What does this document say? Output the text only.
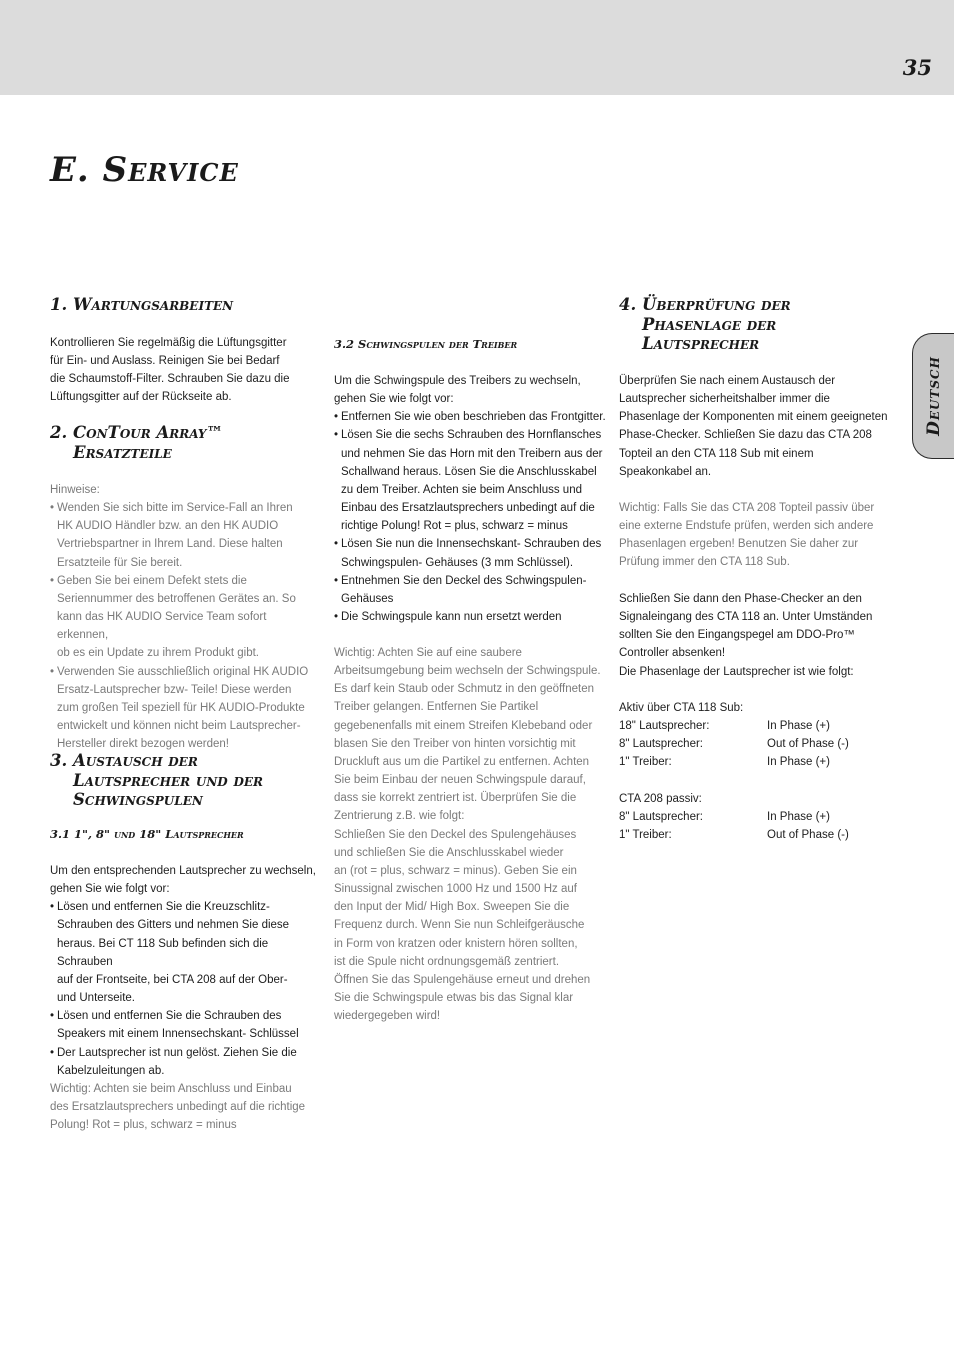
35
E. Service
Deutsch
1. Wartungsarbeiten

Kontrollieren Sie regelmäßig die Lüftungsgitter

für Ein- und Auslass. Reinigen Sie bei Bedarf

die Schaumstoff-Filter. Schrauben Sie dazu die

Lüftungsgitter auf der Rückseite ab.

2. ConTour Array™
Ersatzteile

Hinweise:

• Wenden Sie sich bitte im Service-Fall an Ihren
HK AUDIO Händler bzw. an den HK AUDIO
Vertriebspartner in Ihrem Land. Diese halten
Ersatzteile für Sie bereit.
• Geben Sie bei einem Defekt stets die
Seriennummer des betroffenen Gerätes an. So
kann das HK AUDIO Service Team sofort erkennen,
ob es ein Update zu ihrem Produkt gibt.
• Verwenden Sie ausschließlich original HK AUDIO
Ersatz-Lautsprecher bzw- Teile! Diese werden
zum großen Teil speziell für HK AUDIO-Produkte
entwickelt und können nicht beim Lautsprecher-
Hersteller direkt bezogen werden!
3. Austausch der
Lautsprecher und der
Schwingspulen
3.1 1", 8" und 18" Lautsprecher

Um den entsprechenden Lautsprecher zu wechseln,

gehen Sie wie folgt vor:

• Lösen und entfernen Sie die Kreuzschlitz-
Schrauben des Gitters und nehmen Sie diese
heraus. Bei CT 118 Sub befinden sich die Schrauben
auf der Frontseite, bei CTA 208 auf der Ober-
und Unterseite.
• Lösen und entfernen Sie die Schrauben des
Speakers mit einem Innensechskant- Schlüssel
• Der Lautsprecher ist nun gelöst. Ziehen Sie die
Kabelzuleitungen ab.

Wichtig: Achten sie beim Anschluss und Einbau

des Ersatzlautsprechers unbedingt auf die richtige

Polung! Rot = plus, schwarz = minus

3.2 Schwingspulen der Treiber

Um die Schwingspule des Treibers zu wechseln,

gehen Sie wie folgt vor:

• Entfernen Sie wie oben beschrieben das Frontgitter.
• Lösen Sie die sechs Schrauben des Hornflansches
und nehmen Sie das Horn mit den Treibern aus der
Schallwand heraus. Lösen Sie die Anschlusskabel
zu dem Treiber. Achten sie beim Anschluss und
Einbau des Ersatzlautsprechers unbedingt auf die
richtige Polung! Rot = plus, schwarz = minus
• Lösen Sie nun die Innensechskant- Schrauben des
Schwingspulen- Gehäuses (3 mm Schlüssel).
• Entnehmen Sie den Deckel des Schwingspulen-
Gehäuses
• Die Schwingspule kann nun ersetzt werden

Wichtig: Achten Sie auf eine saubere

Arbeitsumgebung beim wechseln der Schwingspule.

Es darf kein Staub oder Schmutz in den geöffneten

Treiber gelangen. Entfernen Sie Partikel

gegebenenfalls mit einem Streifen Klebeband oder

blasen Sie den Treiber von hinten vorsichtig mit

Druckluft aus um die Partikel zu entfernen. Achten

Sie beim Einbau der neuen Schwingspule darauf,

dass sie korrekt zentriert ist. Überprüfen Sie die

Zentrierung z.B. wie folgt:

Schließen Sie den Deckel des Spulengehäuses

und schließen Sie die Anschlusskabel wieder

an (rot = plus, schwarz = minus). Geben Sie ein

Sinussignal zwischen 1000 Hz und 1500 Hz auf

den Input der Mid/ High Box. Sweepen Sie die

Frequenz durch. Wenn Sie nun Schleifgeräusche

in Form von kratzen oder knistern hören sollten,

ist die Spule nicht ordnungsgemäß zentriert.

Öffnen Sie das Spulengehäuse erneut und drehen

Sie die Schwingspule etwas bis das Signal klar

wiedergegeben wird!

4. Überprüfung der
Phasenlage der
Lautsprecher

Überprüfen Sie nach einem Austausch der

Lautsprecher sicherheitshalber immer die

Phasenlage der Komponenten mit einem geeigneten

Phase-Checker. Schließen Sie dazu das CTA 208

Topteil an den CTA 118 Sub mit einem

Speakonkabel an.

Wichtig: Falls Sie das CTA 208 Topteil passiv über

eine externe Endstufe prüfen, werden sich andere

Phasenlagen ergeben! Benutzen Sie daher zur

Prüfung immer den CTA 118 Sub.

Schließen Sie dann den Phase-Checker an den

Signaleingang des CTA 118 an. Unter Umständen

sollten Sie den Eingangspegel am DDO-Pro™

Controller absenken!

Die Phasenlage der Lautsprecher ist wie folgt:

Aktiv über CTA 118 Sub:

18" Lautsprecher:	In Phase (+)
8" Lautsprecher:	Out of Phase (-)
1" Treiber:	In Phase (+)

CTA 208 passiv:

8" Lautsprecher:	In Phase (+)
1" Treiber:	Out of Phase (-)
